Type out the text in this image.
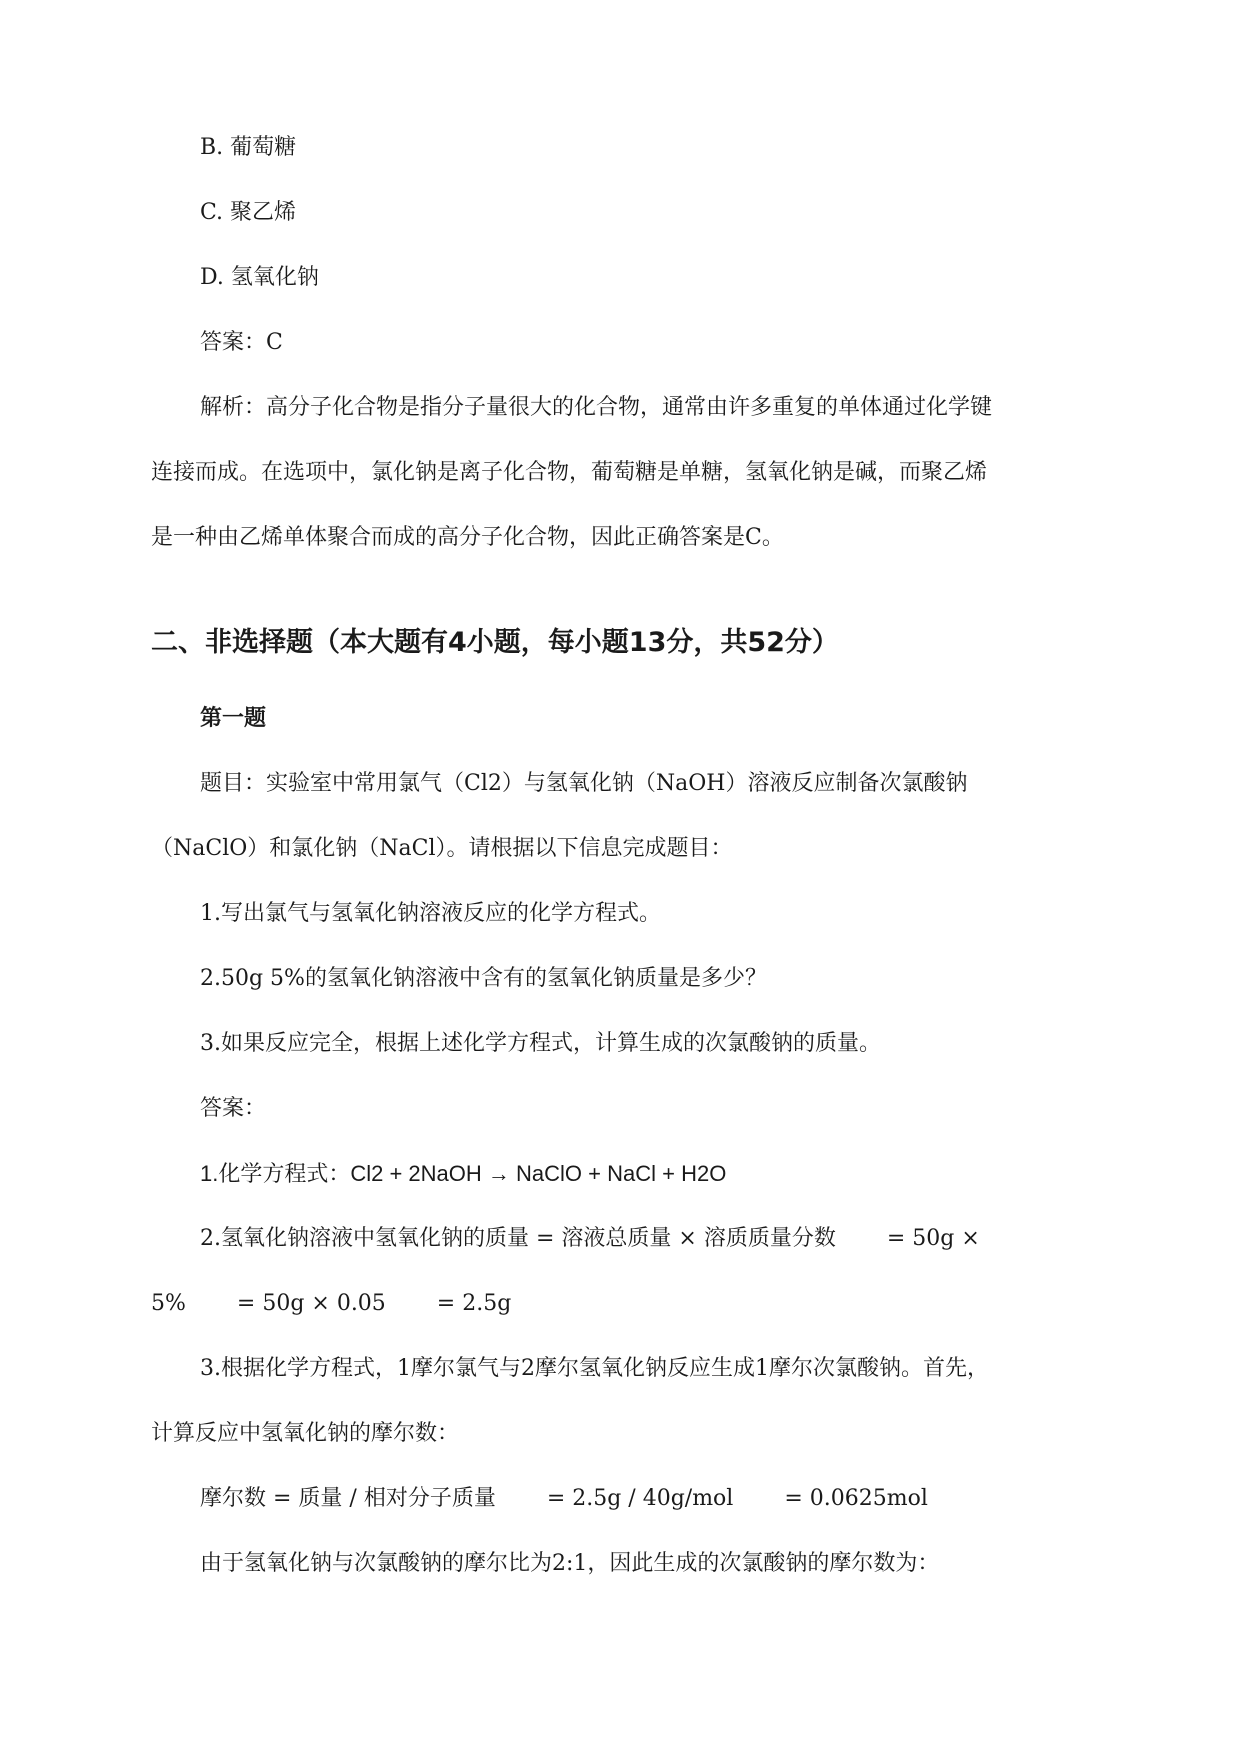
B. 葡萄糖
C. 聚乙烯
D. 氢氧化钠
答案：C
解析：高分子化合物是指分子量很大的化合物，通常由许多重复的单体通过化学键
连接而成。在选项中，氯化钠是离子化合物，葡萄糖是单糖，氢氧化钠是碱，而聚乙烯
是一种由乙烯单体聚合而成的高分子化合物，因此正确答案是C。
二、非选择题（本大题有4小题，每小题13分，共52分）
第一题
题目：实验室中常用氯气（Cl2）与氢氧化钠（NaOH）溶液反应制备次氯酸钠
（NaClO）和氯化钠（NaCl）。请根据以下信息完成题目：
1.写出氯气与氢氧化钠溶液反应的化学方程式。
2.50g 5%的氢氧化钠溶液中含有的氢氧化钠质量是多少？
3.如果反应完全，根据上述化学方程式，计算生成的次氯酸钠的质量。
答案：
1.化学方程式：Cl2 + 2NaOH → NaClO + NaCl + H2O
2.氢氧化钠溶液中氢氧化钠的质量 = 溶液总质量 × 溶质质量分数　　 = 50g ×
5%　　 = 50g × 0.05　　 = 2.5g
3.根据化学方程式，1摩尔氯气与2摩尔氢氧化钠反应生成1摩尔次氯酸钠。首先，
计算反应中氢氧化钠的摩尔数：
摩尔数 = 质量 / 相对分子质量　　 = 2.5g / 40g/mol　　 = 0.0625mol
由于氢氧化钠与次氯酸钠的摩尔比为2:1，因此生成的次氯酸钠的摩尔数为：
